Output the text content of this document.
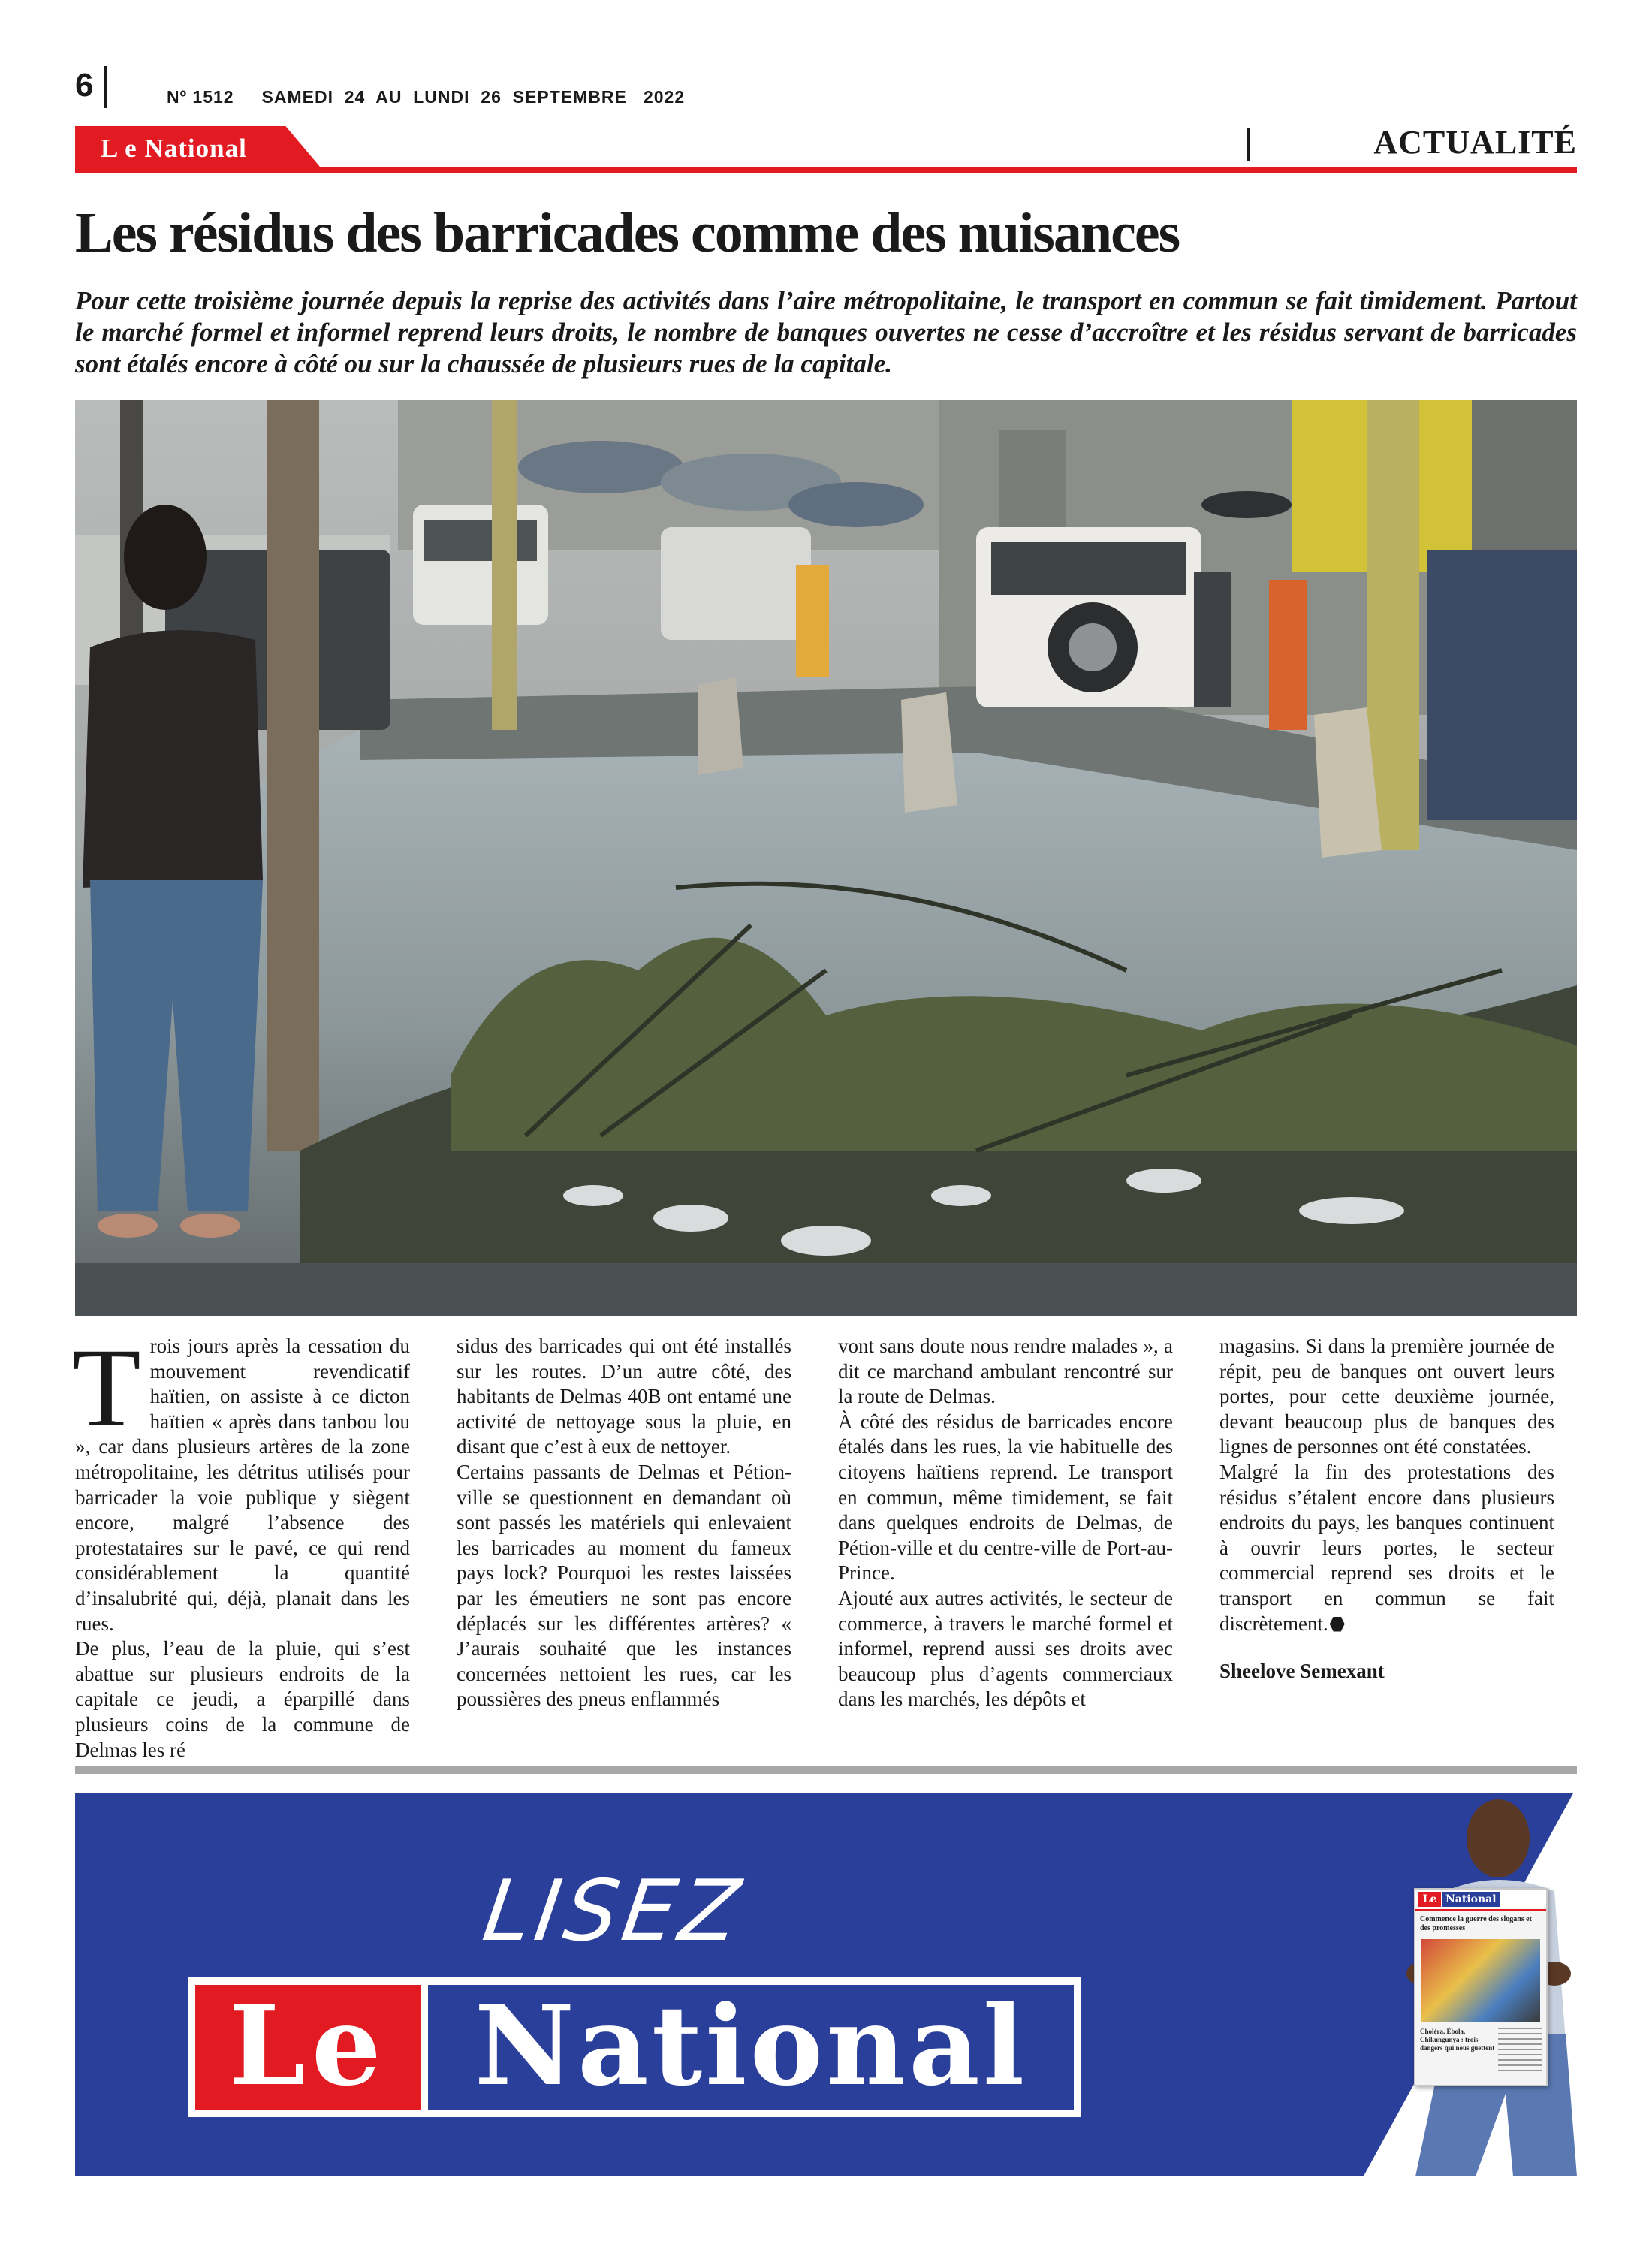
6	Nº 1512     SAMEDI  24  AU  LUNDI  26  SEPTEMBRE   2022
L e National	ACTUALITÉ
Les résidus des barricades comme des nuisances

Pour cette troisième journée depuis la reprise des activités dans l’aire métropolitaine, le transport en commun se fait timidement. Partout le marché formel et informel reprend leurs droits, le nombre de banques ouvertes ne cesse d’accroître et les résidus servant de barricades sont étalés encore à côté ou sur la chaussée de plusieurs rues de la capitale.

Trois jours après la cessation du mouvement revendicatif haïtien, on assiste à ce dicton haïtien « après dans tanbou lou », car dans plusieurs artères de la zone métropolitaine, les détritus utilisés pour barricader la voie publique y siègent encore, malgré l’absence des protestataires sur le pavé, ce qui rend considérablement la quantité d’insalubrité qui, déjà, planait dans les rues.

De plus, l’eau de la pluie, qui s’est abattue sur plusieurs endroits de la capitale ce jeudi, a éparpillé dans plusieurs coins de la commune de Delmas les ré

sidus des barricades qui ont été installés sur les routes. D’un autre côté, des habitants de Delmas 40B ont entamé une activité de nettoyage sous la pluie, en disant que c’est à eux de nettoyer.

Certains passants de Delmas et Pétion-ville se questionnent en demandant où sont passés les matériels qui enlevaient les barricades au moment du fameux pays lock? Pourquoi les restes laissées par les émeutiers ne sont pas encore déplacés sur les différentes artères? « J’aurais souhaité que les instances concernées nettoient les rues, car les poussières des pneus enflammés

vont sans doute nous rendre malades », a dit ce marchand ambulant rencontré sur la route de Delmas.

À côté des résidus de barricades encore étalés dans les rues, la vie habituelle des citoyens haïtiens reprend. Le transport en commun, même timidement, se fait dans quelques endroits de Delmas, de Pétion-ville et du centre-ville de Port-au-Prince.

Ajouté aux autres activités, le secteur de commerce, à travers le marché formel et informel, reprend aussi ses droits avec beaucoup plus d’agents commerciaux dans les marchés, les dépôts et

magasins. Si dans la première journée de répit, peu de banques ont ouvert leurs portes, pour cette deuxième journée, devant beaucoup plus de banques des lignes de personnes ont été constatées.

Malgré la fin des protestations des résidus s’étalent encore dans plusieurs endroits du pays, les banques continuent à ouvrir leurs portes, le secteur commercial reprend ses droits et le transport en commun se fait discrètement.

Sheelove Semexant

LISEZ
Le National
Le National
Commence la guerre des slogans et des promesses
Choléra, Ébola, Chikungunya : trois dangers qui nous guettent
